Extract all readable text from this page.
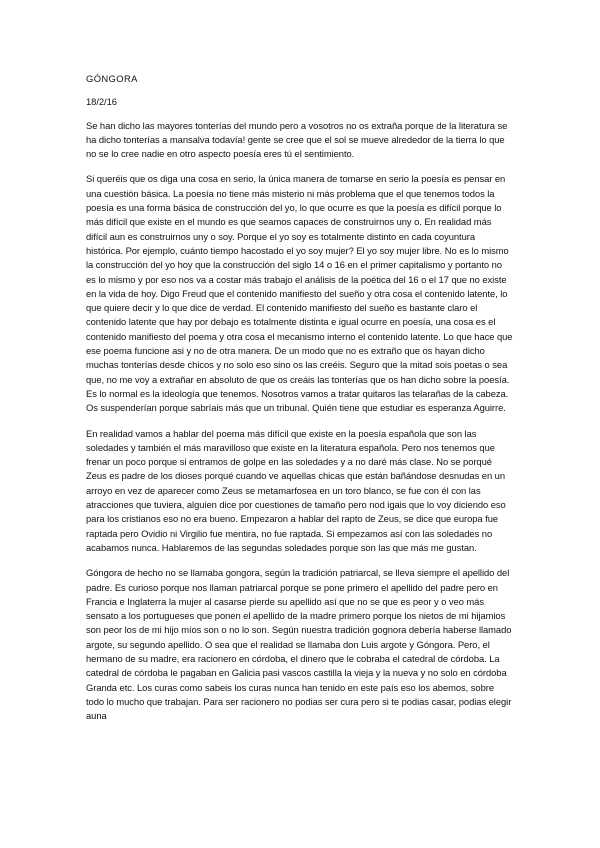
GÓNGORA

18/2/16

Se han dicho las mayores tonterías del mundo pero a vosotros no os extraña porque de la literatura se ha dicho tonterías a mansalva todavía! gente se cree que el sol se mueve alrededor de la tierra lo que no se lo cree nadie en otro aspecto poesía eres tú el sentimiento.

Si queréis que os diga una cosa en serio, la única manera de tomarse en serio la poesía es pensar en una cuestión básica. La poesía no tiene más misterio ni más problema que el que tenemos todos la poesía es una forma básica de construcción del yo, lo que ocurre es que la poesía es difícil porque lo más difícil que existe en el mundo es que seamos capaces de construirnos uny o. En realidad más difícil aun es construirnos uny o soy. Porque el yo soy es totalmente distinto en cada coyuntura histórica. Por ejemplo, cuánto tiempo hacostado el yo soy mujer? El yo soy mujer libre. No es lo mismo la construcción del yo hoy que la construcción del siglo 14 o 16 en el primer capitalismo y portanto no es lo mismo y por eso nos va a costar más trabajo el análisis de la poética del 16 o el 17 que no existe en la vida de hoy. Digo Freud que el contenido manifiesto del sueño y otra cosa el contenido latente, lo que quiere decir y lo que dice de verdad. El contenido manifiesto del sueño es bastante claro el contenido latente que hay por debajo es totalmente distinta e igual ocurre en poesía, una cosa es el contenido manifiesto del poema y otra cosa el mecanismo interno el contenido latente. Lo que hace que ese poema funcione asi y no de otra manera. De un modo que no es extraño que os hayan dicho muchas tonterías desde chicos y no solo eso sino os las creéis. Seguro que la mitad sois poetas o sea que, no me voy a extrañar en absoluto de que os creáis las tonterías que os han dicho sobre la poesía. Es lo normal es la ideología que tenemos. Nosotros vamos a tratar quitaros las telarañas de la cabeza. Os suspenderían porque sabríais más que un tribunal. Quién tiene que estudiar es esperanza Aguirre.

En realidad vamos a hablar del poema más difícil que existe en la poesía española que son las soledades y también el más maravilloso que existe en la literatura española. Pero nos tenemos que frenar un poco porque si entramos de golpe en las soledades y a no daré más clase. No se porqué Zeus es padre de los dioses porqué cuando ve aquellas chicas que están bañándose desnudas en un arroyo en vez de aparecer como Zeus se metamarfosea en un toro blanco, se fue con él con las atracciones que tuviera, alguien dice por cuestiones de tamaño pero nod igais que lo voy diciendo eso para los cristianos eso no era bueno. Empezaron a hablar del rapto de Zeus, se dice que europa fue raptada pero Ovidio ni Virgilio fue mentira, no fue raptada. Si empezamos así con las soledades no acabamos nunca. Hablaremos de las segundas soledades porque son las que más me gustan.

Góngora de hecho no se llamaba gongora, según la tradición patriarcal, se lleva siempre el apellido del padre. Es curioso porque nos llaman patriarcal porque se pone primero el apellido del padre pero en Francia e Inglaterra la mujer al casarse pierde su apellido así que no se que es peor y o veo más sensato a los portugueses que ponen el apellido de la madre primero porque los nietos de mi hijamios son peor los de mi hijo míos son o no lo son. Según nuestra tradición gognora debería haberse llamado argote, su segundo apellido. O sea que el realidad se llamaba don Luis argote y Góngora. Pero, el hermano de su madre, era racionero en córdoba, el dinero que le cobraba el catedral de córdoba. La catedral de córdoba le pagaban en Galicia pasi vascos castilla la vieja y la nueva y no solo en córdoba Granda etc. Los curas como sabeis los curas nunca han tenido en este país eso los abemos, sobre todo lo mucho que trabajan. Para ser racionero no podias ser cura pero si te podias casar, podias elegir auna
